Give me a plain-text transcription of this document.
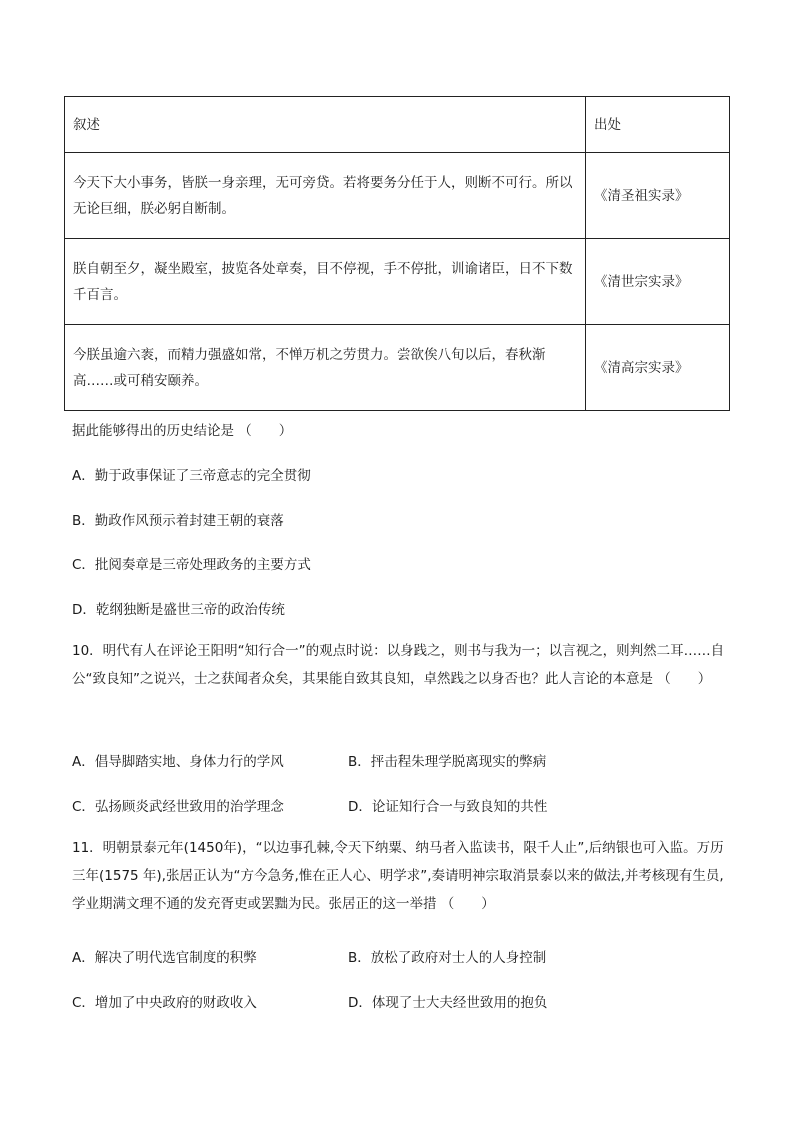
叙述	出处
今天下大小事务，皆朕一身亲理，无可旁贷。若将要务分任于人，则断不可行。所以无论巨细，朕必躬自断制。	《清圣祖实录》
朕自朝至夕，凝坐殿室，披览各处章奏，目不停视，手不停批，训谕诸臣，日不下数千百言。	《清世宗实录》
今朕虽逾六袠，而精力强盛如常，不惮万机之劳贯力。尝欲俟八旬以后，春秋渐高……或可稍安颐养。	《清高宗实录》
据此能够得出的历史结论是 （　　）
A．勤于政事保证了三帝意志的完全贯彻
B．勤政作风预示着封建王朝的衰落
C．批阅奏章是三帝处理政务的主要方式
D．乾纲独断是盛世三帝的政治传统
10．明代有人在评论王阳明“知行合一”的观点时说：以身践之，则书与我为一；以言视之，则判然二耳……自公“致良知”之说兴，士之获闻者众矣，其果能自致其良知，卓然践之以身否也？此人言论的本意是 （　　）
A．倡导脚踏实地、身体力行的学风	B．抨击程朱理学脱离现实的弊病
C．弘扬顾炎武经世致用的治学理念	D．论证知行合一与致良知的共性
11．明朝景泰元年(1450年)，“以边事孔棘,令天下纳粟、纳马者入监读书，限千人止”,后纳银也可入监。万历三年(1575 年),张居正认为“方今急务,惟在正人心、明学求”,奏请明神宗取消景泰以来的做法,并考核现有生员,学业期满文理不通的发充胥吏或罢黜为民。张居正的这一举措 （　　）
A．解决了明代选官制度的积弊	B．放松了政府对士人的人身控制
C．增加了中央政府的财政收入	D．体现了士大夫经世致用的抱负
